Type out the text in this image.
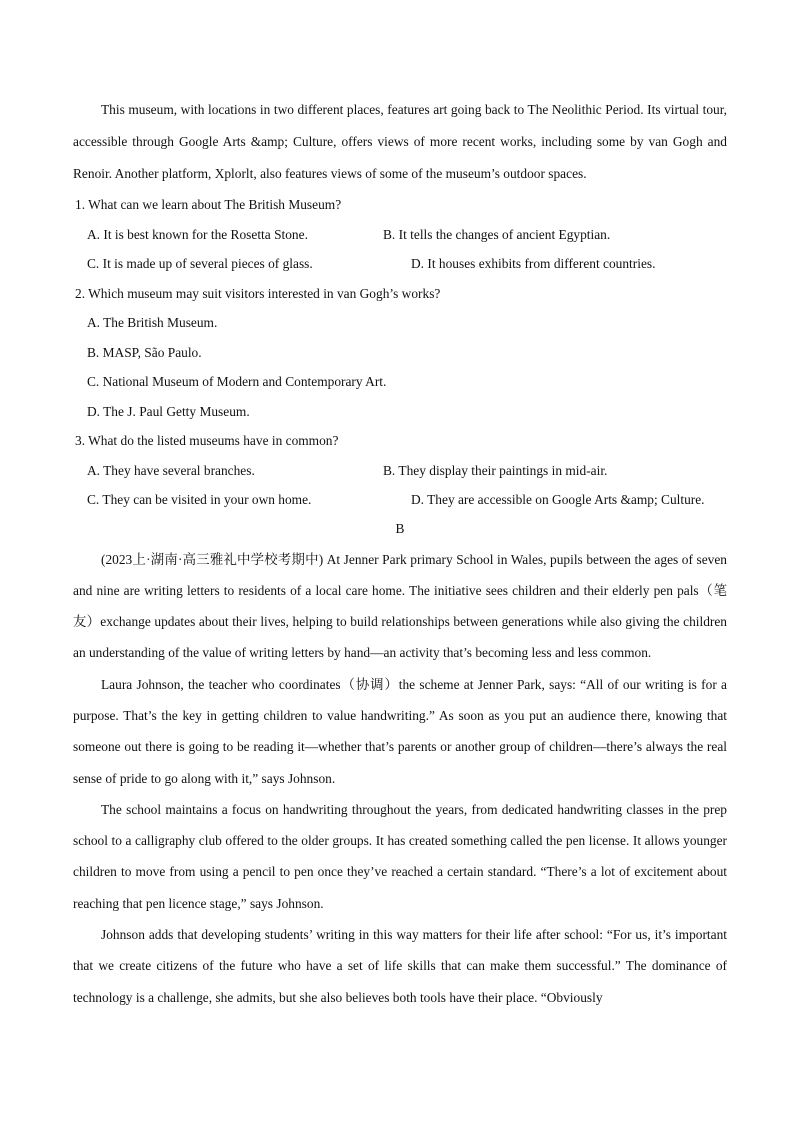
This museum, with locations in two different places, features art going back to The Neolithic Period. Its virtual tour, accessible through Google Arts &amp; Culture, offers views of more recent works, including some by van Gogh and Renoir. Another platform, Xplorlt, also features views of some of the museum’s outdoor spaces.

1. What can we learn about The British Museum?
A. It is best known for the Rosetta Stone.	B. It tells the changes of ancient Egyptian.
C. It is made up of several pieces of glass.	D. It houses exhibits from different countries.
2. Which museum may suit visitors interested in van Gogh’s works?
A. The British Museum.
B. MASP, São Paulo.
C. National Museum of Modern and Contemporary Art.
D. The J. Paul Getty Museum.
3. What do the listed museums have in common?
A. They have several branches.	B. They display their paintings in mid-air.
C. They can be visited in your own home.	D. They are accessible on Google Arts &amp; Culture.
B

(2023上·湖南·高三雅礼中学校考期中) At Jenner Park primary School in Wales, pupils between the ages of seven and nine are writing letters to residents of a local care home. The initiative sees children and their elderly pen pals（笔友）exchange updates about their lives, helping to build relationships between generations while also giving the children an understanding of the value of writing letters by hand—an activity that’s becoming less and less common.

Laura Johnson, the teacher who coordinates（协调）the scheme at Jenner Park, says: “All of our writing is for a purpose. That’s the key in getting children to value handwriting.” As soon as you put an audience there, knowing that someone out there is going to be reading it—whether that’s parents or another group of children—there’s always the real sense of pride to go along with it,” says Johnson.

The school maintains a focus on handwriting throughout the years, from dedicated handwriting classes in the prep school to a calligraphy club offered to the older groups. It has created something called the pen license. It allows younger children to move from using a pencil to pen once they’ve reached a certain standard. “There’s a lot of excitement about reaching that pen licence stage,” says Johnson.

Johnson adds that developing students’ writing in this way matters for their life after school: “For us, it’s important that we create citizens of the future who have a set of life skills that can make them successful.” The dominance of technology is a challenge, she admits, but she also believes both tools have their place. “Obviously
